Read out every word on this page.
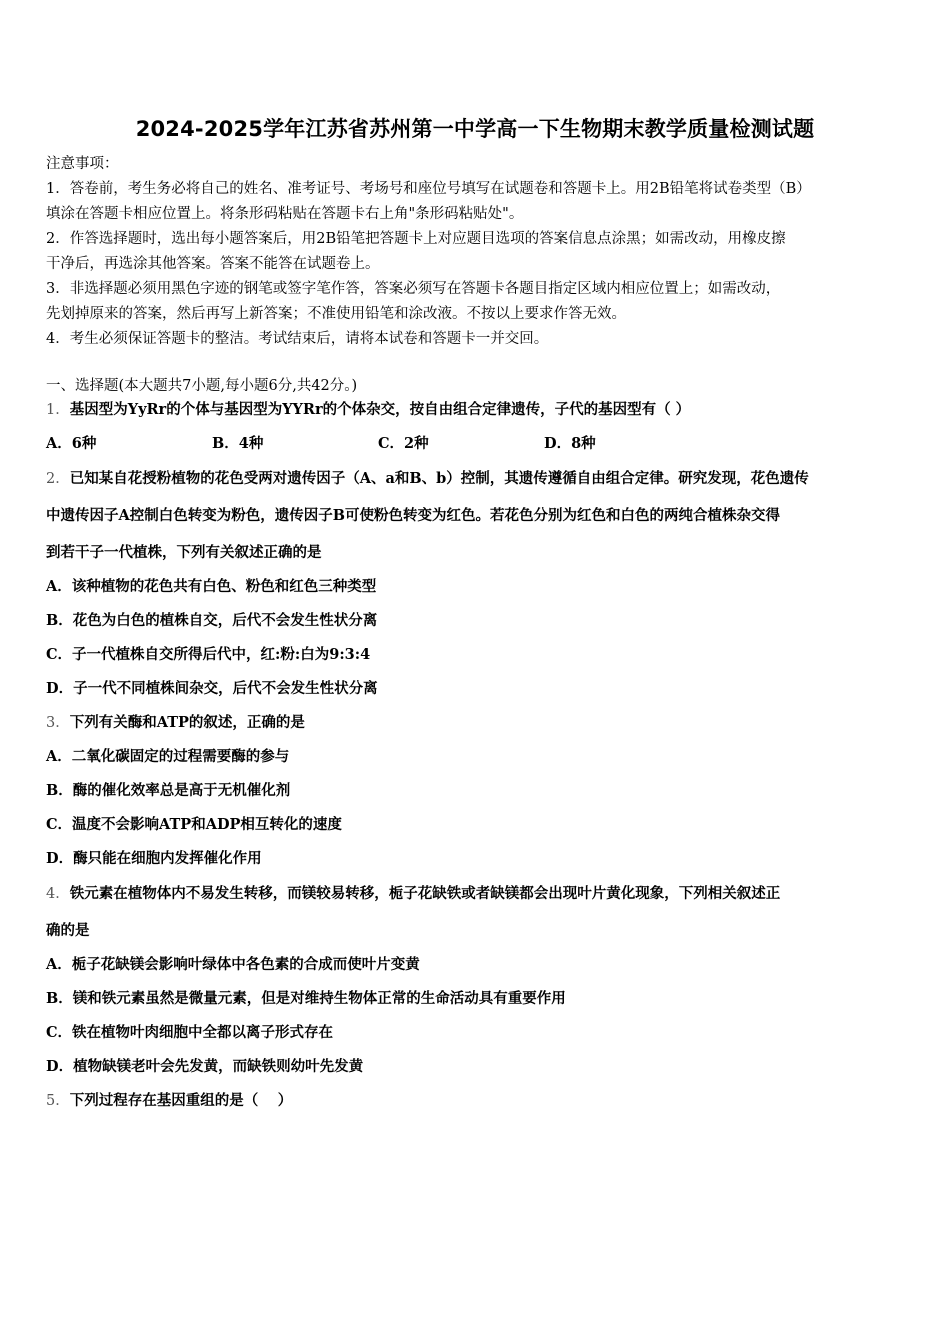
2024-2025学年江苏省苏州第一中学高一下生物期末教学质量检测试题

注意事项：

1．答卷前，考生务必将自己的姓名、准考证号、考场号和座位号填写在试题卷和答题卡上。用2B铅笔将试卷类型（B）

填涂在答题卡相应位置上。将条形码粘贴在答题卡右上角"条形码粘贴处"。

2．作答选择题时，选出每小题答案后，用2B铅笔把答题卡上对应题目选项的答案信息点涂黑；如需改动，用橡皮擦

干净后，再选涂其他答案。答案不能答在试题卷上。

3．非选择题必须用黑色字迹的钢笔或签字笔作答，答案必须写在答题卡各题目指定区域内相应位置上；如需改动，

先划掉原来的答案，然后再写上新答案；不准使用铅笔和涂改液。不按以上要求作答无效。

4．考生必须保证答题卡的整洁。考试结束后，请将本试卷和答题卡一并交回。

一、选择题(本大题共7小题,每小题6分,共42分。)
1．基因型为YyRr的个体与基因型为YYRr的个体杂交，按自由组合定律遗传，子代的基因型有（ ）
A．6种	B．4种	C．2种	D．8种
2．已知某自花授粉植物的花色受两对遗传因子（A、a和B、b）控制，其遗传遵循自由组合定律。研究发现，花色遗传
中遗传因子A控制白色转变为粉色，遗传因子B可使粉色转变为红色。若花色分别为红色和白色的两纯合植株杂交得
到若干子一代植株，下列有关叙述正确的是
A．该种植物的花色共有白色、粉色和红色三种类型
B．花色为白色的植株自交，后代不会发生性状分离
C．子一代植株自交所得后代中，红:粉:白为9:3:4
D．子一代不同植株间杂交，后代不会发生性状分离
3．下列有关酶和ATP的叙述，正确的是
A．二氧化碳固定的过程需要酶的参与
B．酶的催化效率总是高于无机催化剂
C．温度不会影响ATP和ADP相互转化的速度
D．酶只能在细胞内发挥催化作用
4．铁元素在植物体内不易发生转移，而镁较易转移，栀子花缺铁或者缺镁都会出现叶片黄化现象，下列相关叙述正
确的是
A．栀子花缺镁会影响叶绿体中各色素的合成而使叶片变黄
B．镁和铁元素虽然是微量元素，但是对维持生物体正常的生命活动具有重要作用
C．铁在植物叶肉细胞中全都以离子形式存在
D．植物缺镁老叶会先发黄，而缺铁则幼叶先发黄
5．下列过程存在基因重组的是（　 ）
